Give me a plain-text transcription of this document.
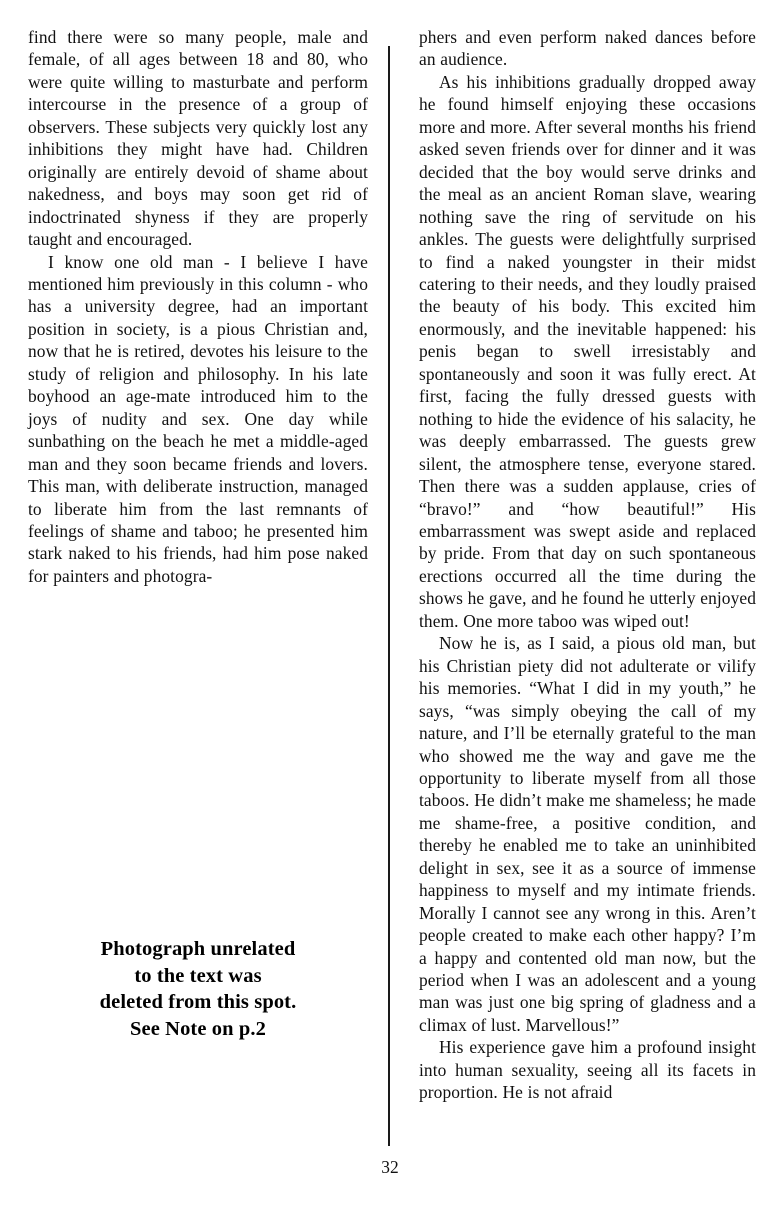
find there were so many people, male and female, of all ages between 18 and 80, who were quite willing to masturbate and perform intercourse in the presence of a group of observers. These subjects very quickly lost any inhibitions they might have had. Children originally are entirely devoid of shame about nakedness, and boys may soon get rid of indoctrinated shyness if they are properly taught and encouraged.

I know one old man - I believe I have mentioned him previously in this column - who has a university degree, had an important position in society, is a pious Christian and, now that he is retired, devotes his leisure to the study of religion and philosophy. In his late boyhood an age-mate introduced him to the joys of nudity and sex. One day while sunbathing on the beach he met a middle-aged man and they soon became friends and lovers. This man, with deliberate instruction, managed to liberate him from the last remnants of feelings of shame and taboo; he presented him stark naked to his friends, had him pose naked for painters and photogra-

phers and even perform naked dances before an audience.

As his inhibitions gradually dropped away he found himself enjoying these occasions more and more. After several months his friend asked seven friends over for dinner and it was decided that the boy would serve drinks and the meal as an ancient Roman slave, wearing nothing save the ring of servitude on his ankles. The guests were delightfully surprised to find a naked youngster in their midst catering to their needs, and they loudly praised the beauty of his body. This excited him enormously, and the inevitable happened: his penis began to swell irresistably and spontaneously and soon it was fully erect. At first, facing the fully dressed guests with nothing to hide the evidence of his salacity, he was deeply embarrassed. The guests grew silent, the atmosphere tense, everyone stared. Then there was a sudden applause, cries of “bravo!” and “how beautiful!” His embarrassment was swept aside and replaced by pride. From that day on such spontaneous erections occurred all the time during the shows he gave, and he found he utterly enjoyed them. One more taboo was wiped out!

Now he is, as I said, a pious old man, but his Christian piety did not adulterate or vilify his memories. “What I did in my youth,” he says, “was simply obeying the call of my nature, and I’ll be eternally grateful to the man who showed me the way and gave me the opportunity to liberate myself from all those taboos. He didn’t make me shameless; he made me shame-free, a positive condition, and thereby he enabled me to take an uninhibited delight in sex, see it as a source of immense happiness to myself and my intimate friends. Morally I cannot see any wrong in this. Aren’t people created to make each other happy? I’m a happy and contented old man now, but the period when I was an adolescent and a young man was just one big spring of gladness and a climax of lust. Marvellous!”

His experience gave him a profound insight into human sexuality, seeing all its facets in proportion. He is not afraid

Photograph unrelated
to the text was
deleted from this spot.
See Note on p.2
32
